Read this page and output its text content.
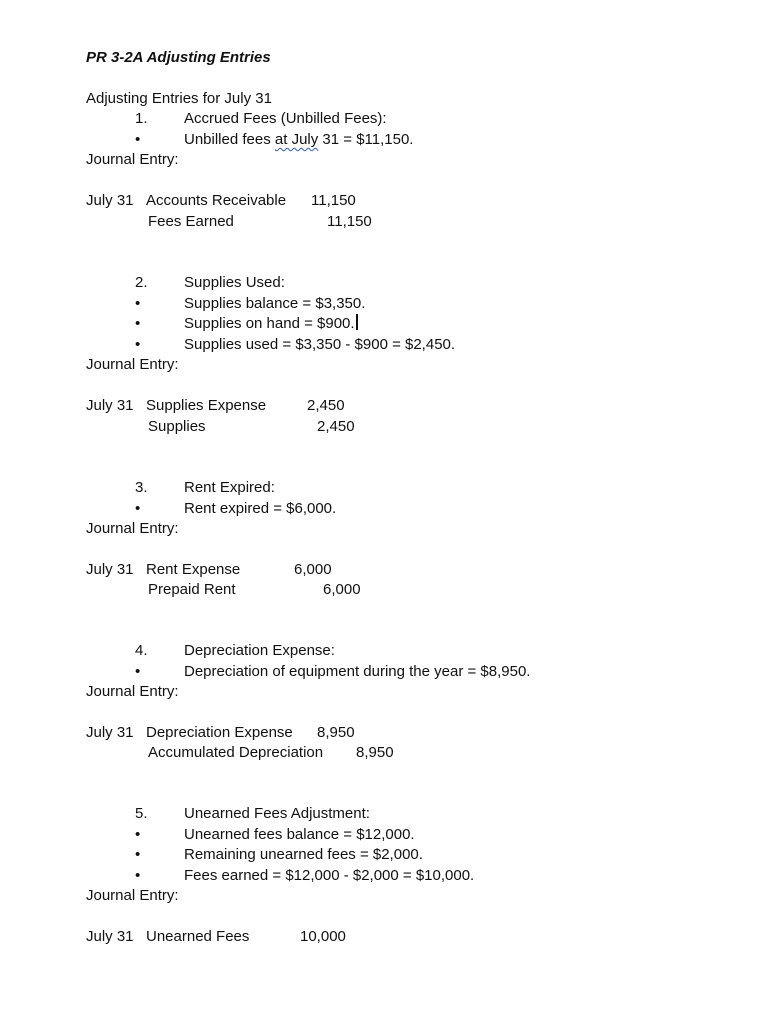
PR 3-2A Adjusting Entries
Adjusting Entries for July 31
1. Accrued Fees (Unbilled Fees):
•	Unbilled fees at July 31 = $11,150.
Journal Entry:
July 31 Accounts Receivable 11,150
Fees Earned	11,150
2. Supplies Used:
•	Supplies balance = $3,350.
•	Supplies on hand = $900.
•	Supplies used = $3,350 - $900 = $2,450.
Journal Entry:
July 31 Supplies Expense	2,450
Supplies	2,450
3. Rent Expired:
•	Rent expired = $6,000.
Journal Entry:
July 31 Rent Expense	6,000
Prepaid Rent	6,000
4. Depreciation Expense:
•	Depreciation of equipment during the year = $8,950.
Journal Entry:
July 31 Depreciation Expense 8,950
Accumulated Depreciation 8,950
5. Unearned Fees Adjustment:
•	Unearned fees balance = $12,000.
•	Remaining unearned fees = $2,000.
•	Fees earned = $12,000 - $2,000 = $10,000.
Journal Entry:
July 31 Unearned Fees	10,000
